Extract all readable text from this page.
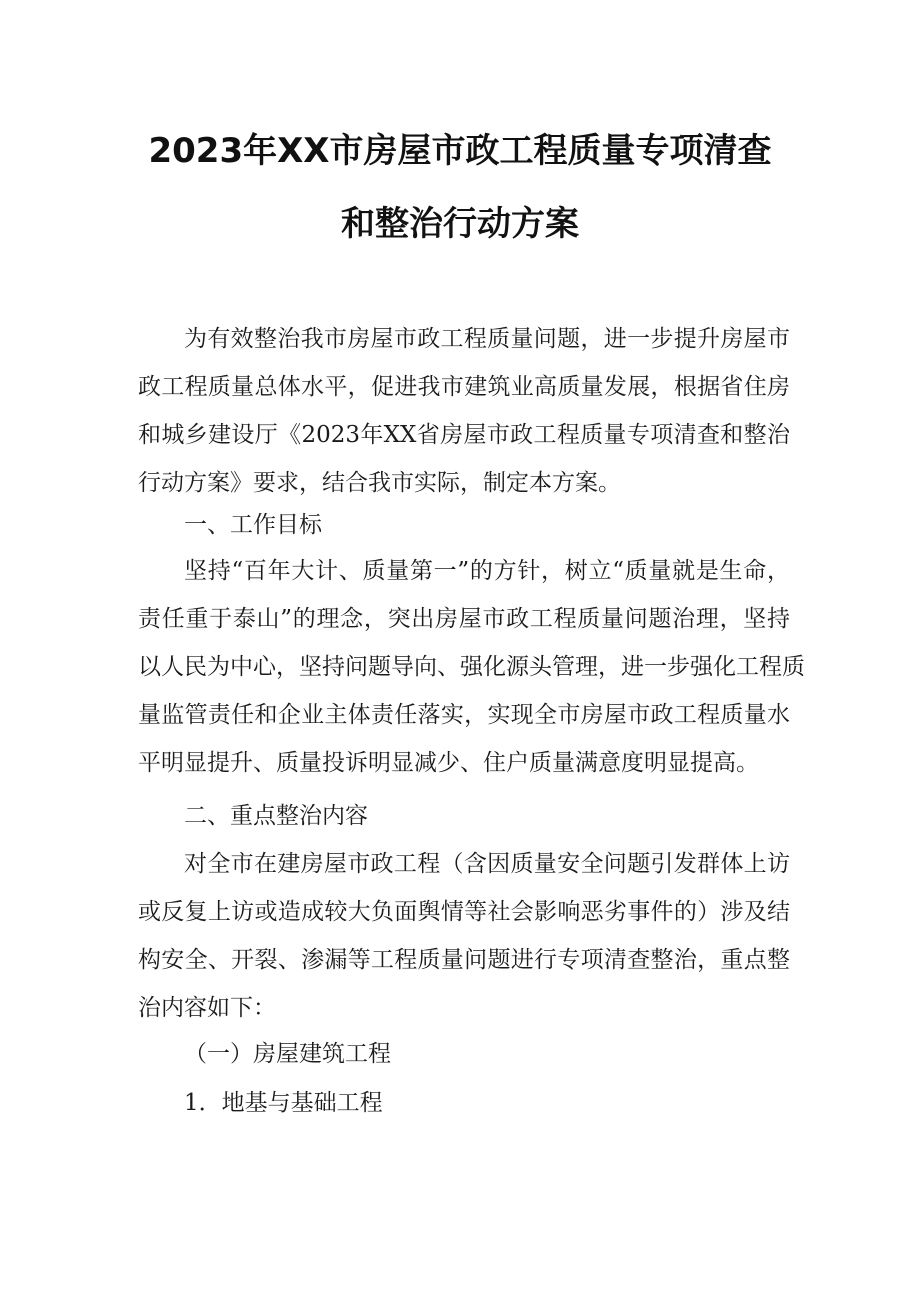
2023年XX市房屋市政工程质量专项清查
和整治行动方案
为有效整治我市房屋市政工程质量问题，进一步提升房屋市
政工程质量总体水平，促进我市建筑业高质量发展，根据省住房
和城乡建设厅《2023年XX省房屋市政工程质量专项清查和整治
行动方案》要求，结合我市实际，制定本方案。
一、工作目标
坚持“百年大计、质量第一”的方针，树立“质量就是生命，
责任重于泰山”的理念，突出房屋市政工程质量问题治理，坚持
以人民为中心，坚持问题导向、强化源头管理，进一步强化工程质
量监管责任和企业主体责任落实，实现全市房屋市政工程质量水
平明显提升、质量投诉明显减少、住户质量满意度明显提高。
二、重点整治内容
对全市在建房屋市政工程（含因质量安全问题引发群体上访
或反复上访或造成较大负面舆情等社会影响恶劣事件的）涉及结
构安全、开裂、渗漏等工程质量问题进行专项清查整治，重点整
治内容如下：
（一）房屋建筑工程
1．地基与基础工程
